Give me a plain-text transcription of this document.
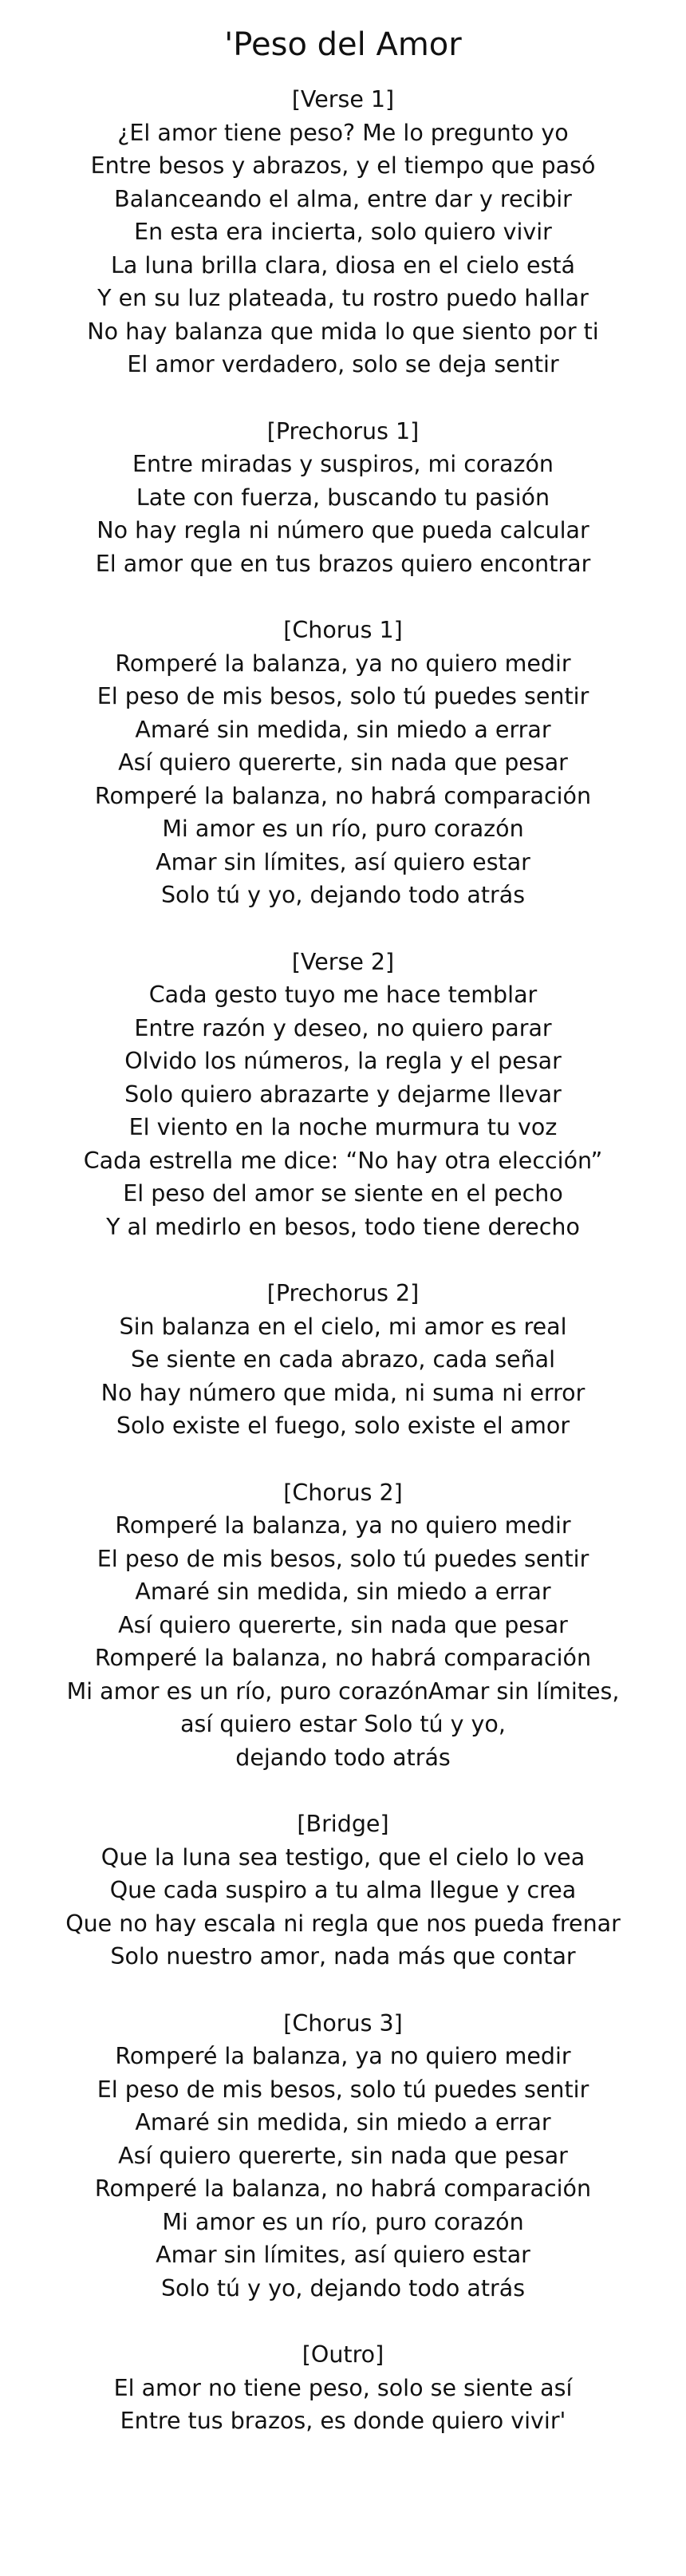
'Peso del Amor
[Verse 1]
¿El amor tiene peso? Me lo pregunto yo
Entre besos y abrazos, y el tiempo que pasó
Balanceando el alma, entre dar y recibir
En esta era incierta, solo quiero vivir
La luna brilla clara, diosa en el cielo está
Y en su luz plateada, tu rostro puedo hallar
No hay balanza que mida lo que siento por ti
El amor verdadero, solo se deja sentir
[Prechorus 1]
Entre miradas y suspiros, mi corazón
Late con fuerza, buscando tu pasión
No hay regla ni número que pueda calcular
El amor que en tus brazos quiero encontrar
[Chorus 1]
Romperé la balanza, ya no quiero medir
El peso de mis besos, solo tú puedes sentir
Amaré sin medida, sin miedo a errar
Así quiero quererte, sin nada que pesar
Romperé la balanza, no habrá comparación
Mi amor es un río, puro corazón
Amar sin límites, así quiero estar
Solo tú y yo, dejando todo atrás
[Verse 2]
Cada gesto tuyo me hace temblar
Entre razón y deseo, no quiero parar
Olvido los números, la regla y el pesar
Solo quiero abrazarte y dejarme llevar
El viento en la noche murmura tu voz
Cada estrella me dice: “No hay otra elección”
El peso del amor se siente en el pecho
Y al medirlo en besos, todo tiene derecho
[Prechorus 2]
Sin balanza en el cielo, mi amor es real
Se siente en cada abrazo, cada señal
No hay número que mida, ni suma ni error
Solo existe el fuego, solo existe el amor
[Chorus 2]
Romperé la balanza, ya no quiero medir
El peso de mis besos, solo tú puedes sentir
Amaré sin medida, sin miedo a errar
Así quiero quererte, sin nada que pesar
Romperé la balanza, no habrá comparación
Mi amor es un río, puro corazónAmar sin límites,
así quiero estar Solo tú y yo,
dejando todo atrás
[Bridge]
Que la luna sea testigo, que el cielo lo vea
Que cada suspiro a tu alma llegue y crea
Que no hay escala ni regla que nos pueda frenar
Solo nuestro amor, nada más que contar
[Chorus 3]
Romperé la balanza, ya no quiero medir
El peso de mis besos, solo tú puedes sentir
Amaré sin medida, sin miedo a errar
Así quiero quererte, sin nada que pesar
Romperé la balanza, no habrá comparación
Mi amor es un río, puro corazón
Amar sin límites, así quiero estar
Solo tú y yo, dejando todo atrás
[Outro]
El amor no tiene peso, solo se siente así
Entre tus brazos, es donde quiero vivir'
